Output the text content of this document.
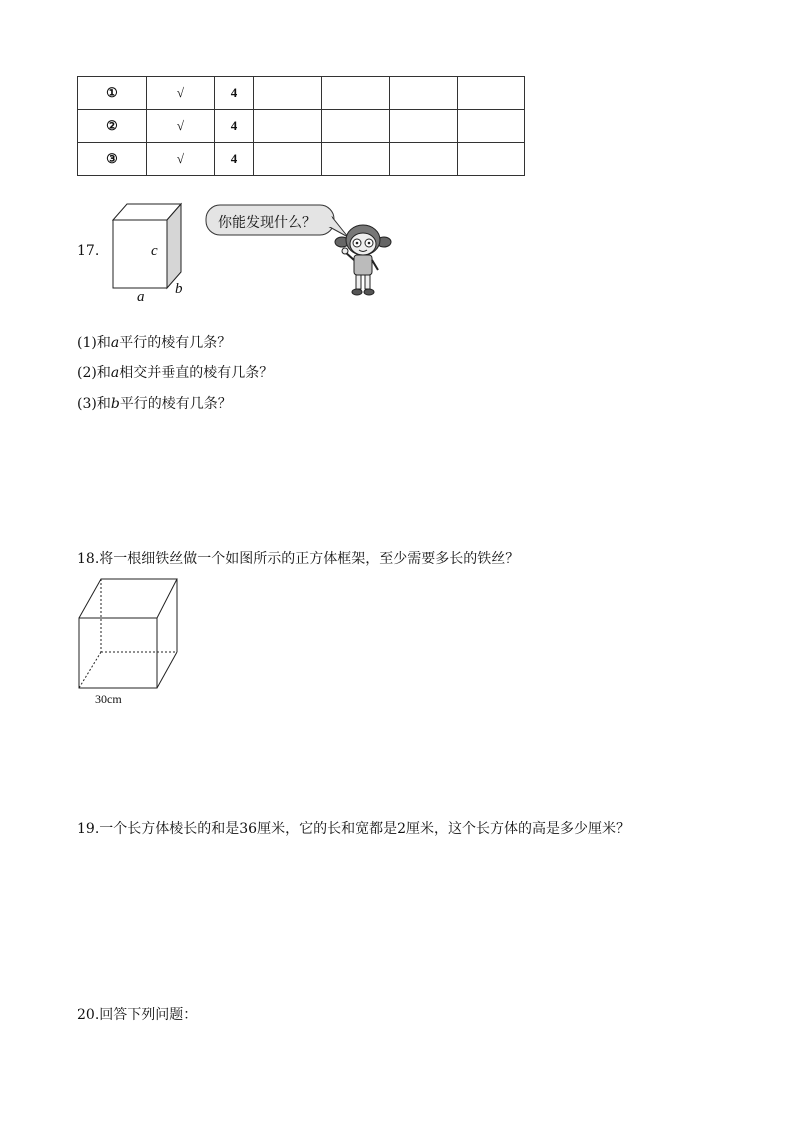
①	√	4				
②	√	4				
③	√	4				
17.	c
a b
你能发现什么？
(1)和a平行的棱有几条？
(2)和a相交并垂直的棱有几条？
(3)和b平行的棱有几条？
18.将一根细铁丝做一个如图所示的正方体框架，至少需要多长的铁丝？
30cm
19.一个长方体棱长的和是36厘米，它的长和宽都是2厘米，这个长方体的高是多少厘米？
20.回答下列问题：
